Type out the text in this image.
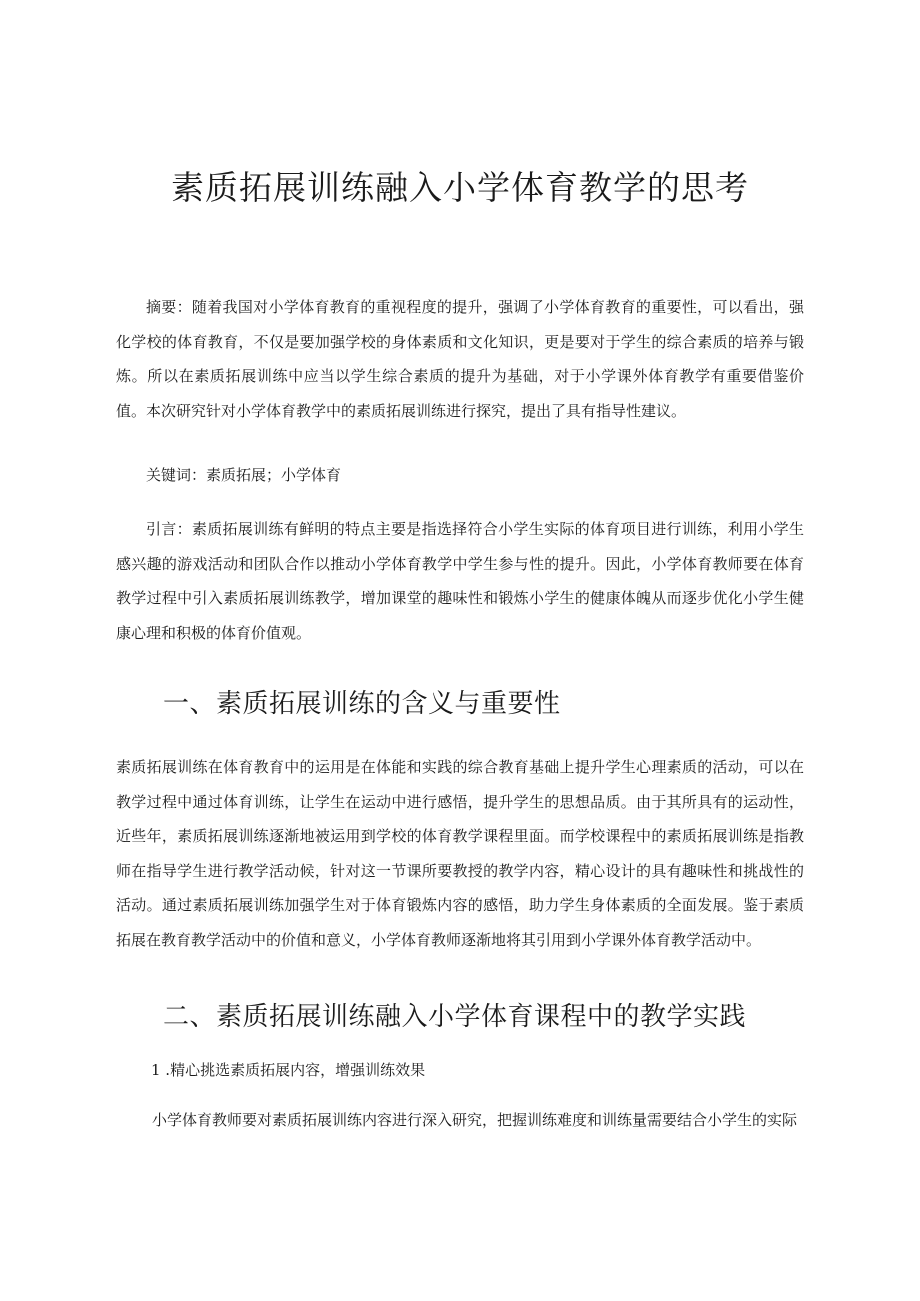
素质拓展训练融入小学体育教学的思考

摘要：随着我国对小学体育教育的重视程度的提升，强调了小学体育教育的重要性，可以看出，强化学校的体育教育，不仅是要加强学校的身体素质和文化知识，更是要对于学生的综合素质的培养与锻炼。所以在素质拓展训练中应当以学生综合素质的提升为基础，对于小学课外体育教学有重要借鉴价值。本次研究针对小学体育教学中的素质拓展训练进行探究，提出了具有指导性建议。

关键词：素质拓展；小学体育

引言：素质拓展训练有鲜明的特点主要是指选择符合小学生实际的体育项目进行训练，利用小学生感兴趣的游戏活动和团队合作以推动小学体育教学中学生参与性的提升。因此，小学体育教师要在体育教学过程中引入素质拓展训练教学，增加课堂的趣味性和锻炼小学生的健康体魄从而逐步优化小学生健康心理和积极的体育价值观。

一、素质拓展训练的含义与重要性

素质拓展训练在体育教育中的运用是在体能和实践的综合教育基础上提升学生心理素质的活动，可以在教学过程中通过体育训练，让学生在运动中进行感悟，提升学生的思想品质。由于其所具有的运动性，近些年，素质拓展训练逐渐地被运用到学校的体育教学课程里面。而学校课程中的素质拓展训练是指教师在指导学生进行教学活动候，针对这一节课所要教授的教学内容，精心设计的具有趣味性和挑战性的活动。通过素质拓展训练加强学生对于体育锻炼内容的感悟，助力学生身体素质的全面发展。鉴于素质拓展在教育教学活动中的价值和意义，小学体育教师逐渐地将其引用到小学课外体育教学活动中。

二、素质拓展训练融入小学体育课程中的教学实践

1 .精心挑选素质拓展内容，增强训练效果

小学体育教师要对素质拓展训练内容进行深入研究，把握训练难度和训练量需要结合小学生的实际
